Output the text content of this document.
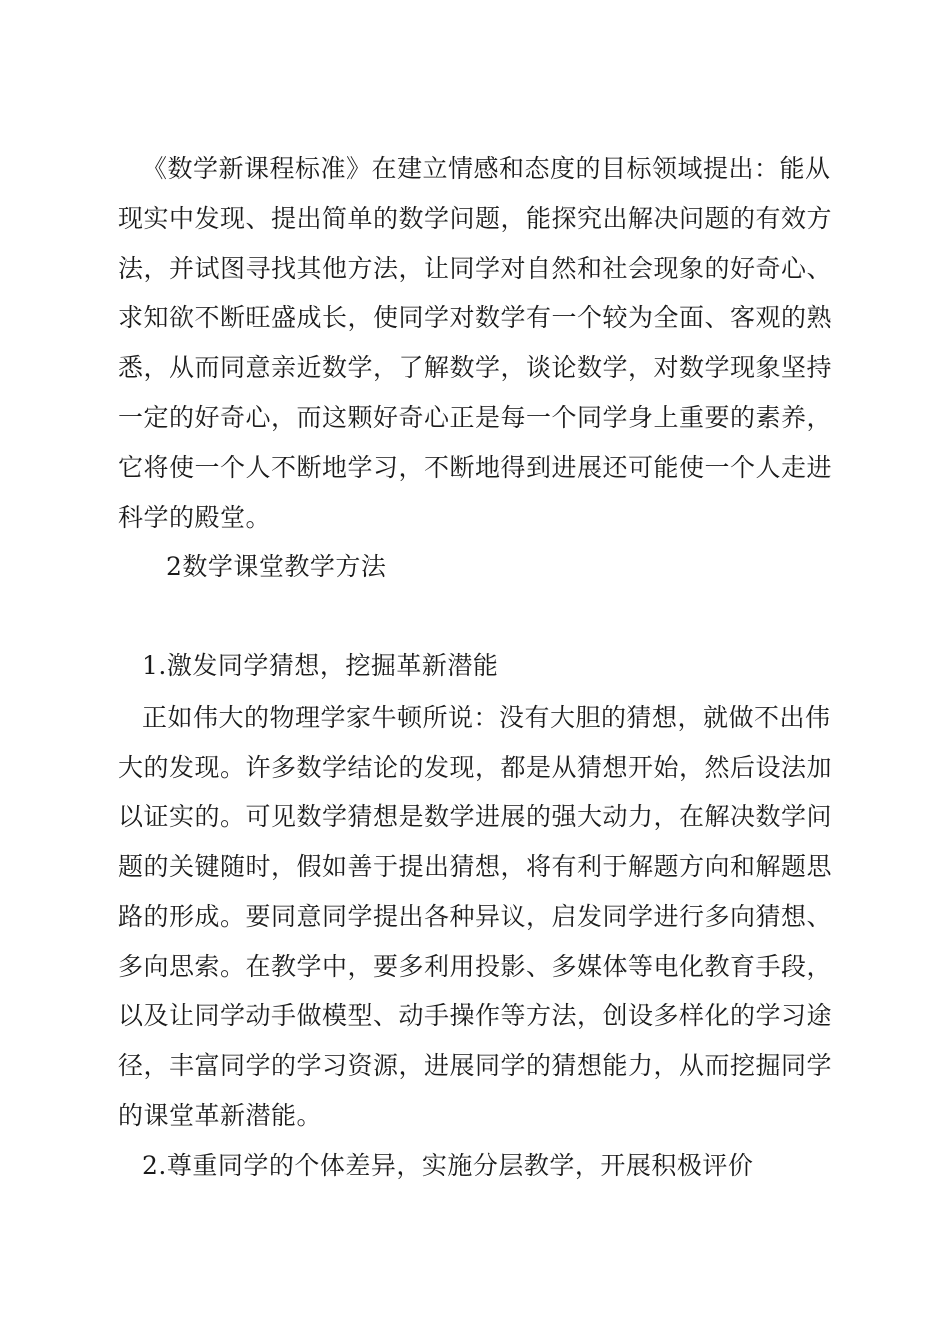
《数学新课程标准》在建立情感和态度的目标领域提出：能从
现实中发现、提出简单的数学问题，能探究出解决问题的有效方
法，并试图寻找其他方法，让同学对自然和社会现象的好奇心、
求知欲不断旺盛成长，使同学对数学有一个较为全面、客观的熟
悉，从而同意亲近数学，了解数学，谈论数学，对数学现象坚持
一定的好奇心，而这颗好奇心正是每一个同学身上重要的素养，
它将使一个人不断地学习，不断地得到进展还可能使一个人走进
科学的殿堂。
2数学课堂教学方法
1.激发同学猜想，挖掘革新潜能
正如伟大的物理学家牛顿所说：没有大胆的猜想，就做不出伟
大的发现。许多数学结论的发现，都是从猜想开始，然后设法加
以证实的。可见数学猜想是数学进展的强大动力，在解决数学问
题的关键随时，假如善于提出猜想，将有利于解题方向和解题思
路的形成。要同意同学提出各种异议，启发同学进行多向猜想、
多向思索。在教学中，要多利用投影、多媒体等电化教育手段，
以及让同学动手做模型、动手操作等方法，创设多样化的学习途
径，丰富同学的学习资源，进展同学的猜想能力，从而挖掘同学
的课堂革新潜能。
2.尊重同学的个体差异，实施分层教学，开展积极评价
